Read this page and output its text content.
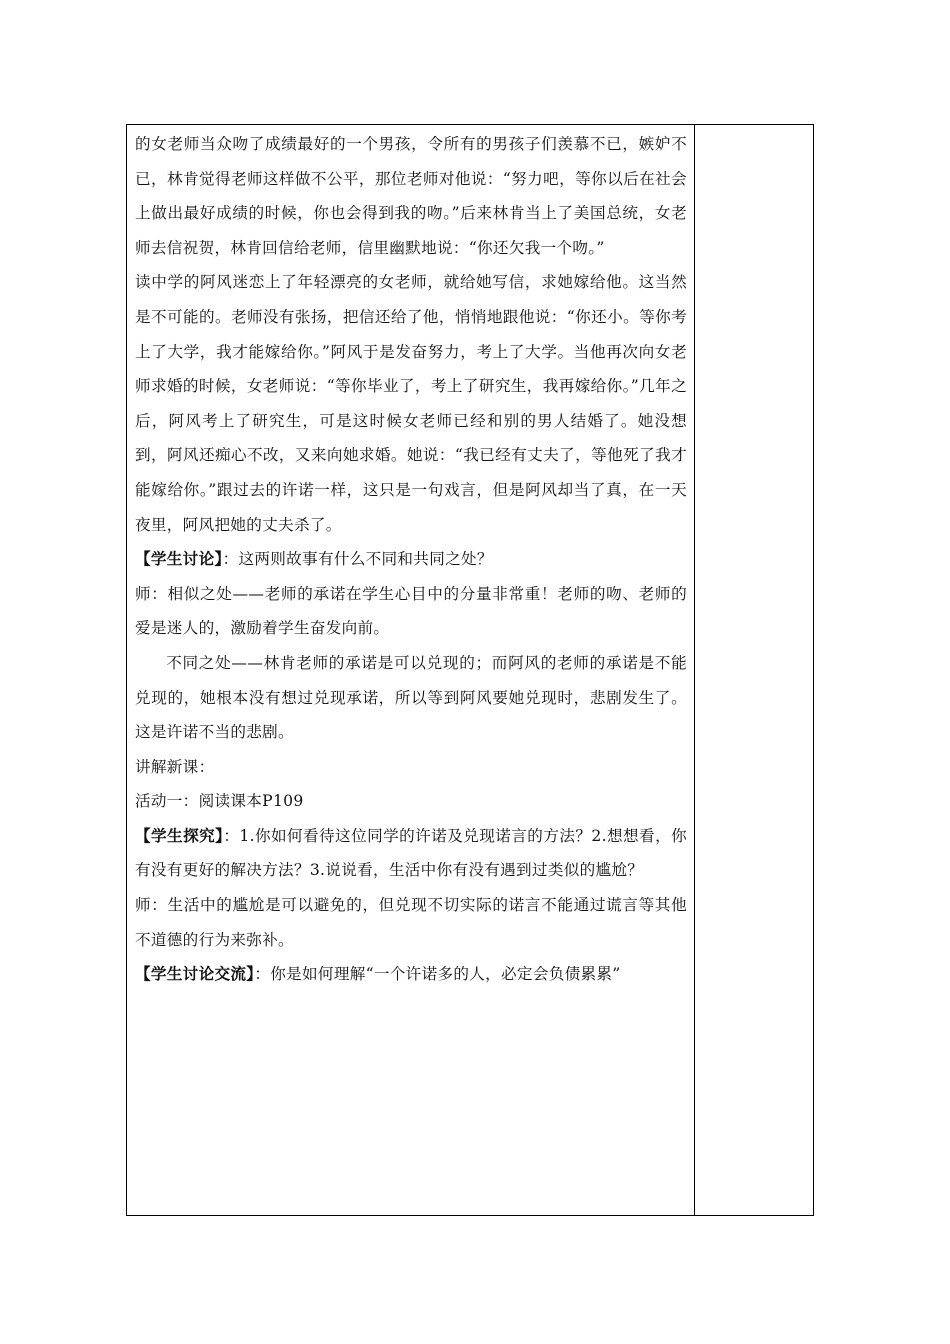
的女老师当众吻了成绩最好的一个男孩，令所有的男孩子们羡慕不已，嫉妒不已，林肯觉得老师这样做不公平，那位老师对他说：“努力吧，等你以后在社会上做出最好成绩的时候，你也会得到我的吻。”后来林肯当上了美国总统，女老师去信祝贺，林肯回信给老师，信里幽默地说：“你还欠我一个吻。”

读中学的阿风迷恋上了年轻漂亮的女老师，就给她写信，求她嫁给他。这当然是不可能的。老师没有张扬，把信还给了他，悄悄地跟他说：“你还小。等你考上了大学，我才能嫁给你。”阿风于是发奋努力，考上了大学。当他再次向女老师求婚的时候，女老师说：“等你毕业了，考上了研究生，我再嫁给你。”几年之后，阿风考上了研究生，可是这时候女老师已经和别的男人结婚了。她没想到，阿风还痴心不改，又来向她求婚。她说：“我已经有丈夫了，等他死了我才能嫁给你。”跟过去的许诺一样，这只是一句戏言，但是阿风却当了真，在一天夜里，阿风把她的丈夫杀了。

【学生讨论】：这两则故事有什么不同和共同之处？

师：相似之处——老师的承诺在学生心目中的分量非常重！老师的吻、老师的爱是迷人的，激励着学生奋发向前。

不同之处——林肯老师的承诺是可以兑现的；而阿风的老师的承诺是不能兑现的，她根本没有想过兑现承诺，所以等到阿风要她兑现时，悲剧发生了。这是许诺不当的悲剧。

讲解新课：

活动一：阅读课本P109

【学生探究】：1.你如何看待这位同学的许诺及兑现诺言的方法？2.想想看，你有没有更好的解决方法？3.说说看，生活中你有没有遇到过类似的尴尬？

师：生活中的尴尬是可以避免的，但兑现不切实际的诺言不能通过谎言等其他不道德的行为来弥补。

【学生讨论交流】：你是如何理解“一个许诺多的人，必定会负债累累”
